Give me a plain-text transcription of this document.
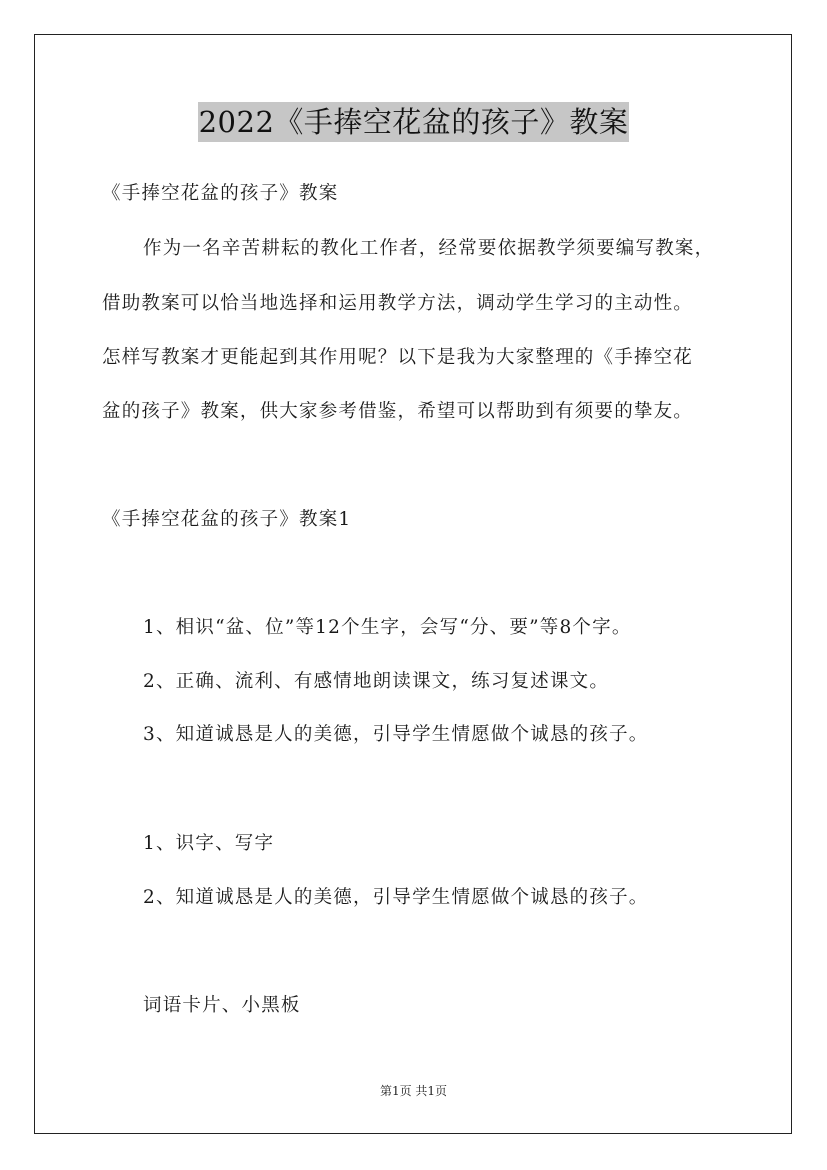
2022《手捧空花盆的孩子》教案
《手捧空花盆的孩子》教案
作为一名辛苦耕耘的教化工作者，经常要依据教学须要编写教案，
借助教案可以恰当地选择和运用教学方法，调动学生学习的主动性。
怎样写教案才更能起到其作用呢？以下是我为大家整理的《手捧空花
盆的孩子》教案，供大家参考借鉴，希望可以帮助到有须要的挚友。
《手捧空花盆的孩子》教案1
1、相识“盆、位”等12个生字，会写“分、要”等8个字。
2、正确、流利、有感情地朗读课文，练习复述课文。
3、知道诚恳是人的美德，引导学生情愿做个诚恳的孩子。
1、识字、写字
2、知道诚恳是人的美德，引导学生情愿做个诚恳的孩子。
词语卡片、小黑板
第1页 共1页
